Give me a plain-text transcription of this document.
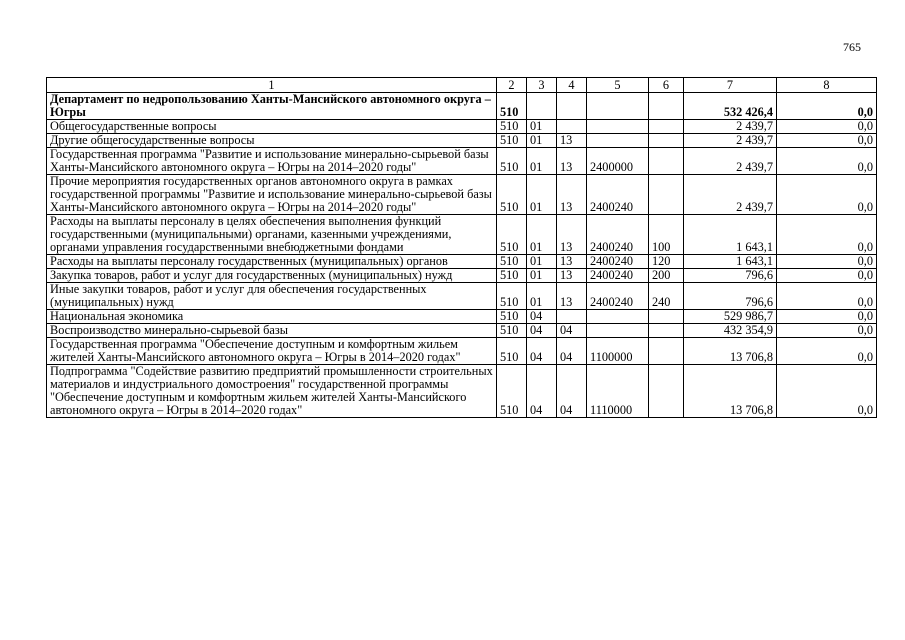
765
1	2	3	4	5	6	7	8
Департамент по недропользованию Ханты-Мансийского автономного округа – Югры	510					532 426,4	0,0
Общегосударственные вопросы	510	01				2 439,7	0,0
Другие общегосударственные вопросы	510	01	13			2 439,7	0,0
Государственная программа "Развитие и использование минерально-сырьевой базы Ханты-Мансийского автономного округа – Югры на 2014–2020 годы"	510	01	13	2400000		2 439,7	0,0
Прочие мероприятия государственных органов автономного округа в рамках государственной программы "Развитие и использование минерально-сырьевой базы Ханты-Мансийского автономного округа – Югры на 2014–2020 годы"	510	01	13	2400240		2 439,7	0,0
Расходы на выплаты персоналу в целях обеспечения выполнения функций государственными (муниципальными) органами, казенными учреждениями, органами управления государственными внебюджетными фондами	510	01	13	2400240	100	1 643,1	0,0
Расходы на выплаты персоналу государственных (муниципальных) органов	510	01	13	2400240	120	1 643,1	0,0
Закупка товаров, работ и услуг для государственных (муниципальных) нужд	510	01	13	2400240	200	796,6	0,0
Иные закупки товаров, работ и услуг для обеспечения государственных (муниципальных) нужд	510	01	13	2400240	240	796,6	0,0
Национальная экономика	510	04				529 986,7	0,0
Воспроизводство минерально-сырьевой базы	510	04	04			432 354,9	0,0
Государственная программа "Обеспечение доступным и комфортным жильем жителей Ханты-Мансийского автономного округа – Югры в 2014–2020 годах"	510	04	04	1100000		13 706,8	0,0
Подпрограмма "Содействие развитию предприятий промышленности строительных материалов и индустриального домостроения" государственной программы "Обеспечение доступным и комфортным жильем жителей Ханты-Мансийского автономного округа – Югры в 2014–2020 годах"	510	04	04	1110000		13 706,8	0,0
